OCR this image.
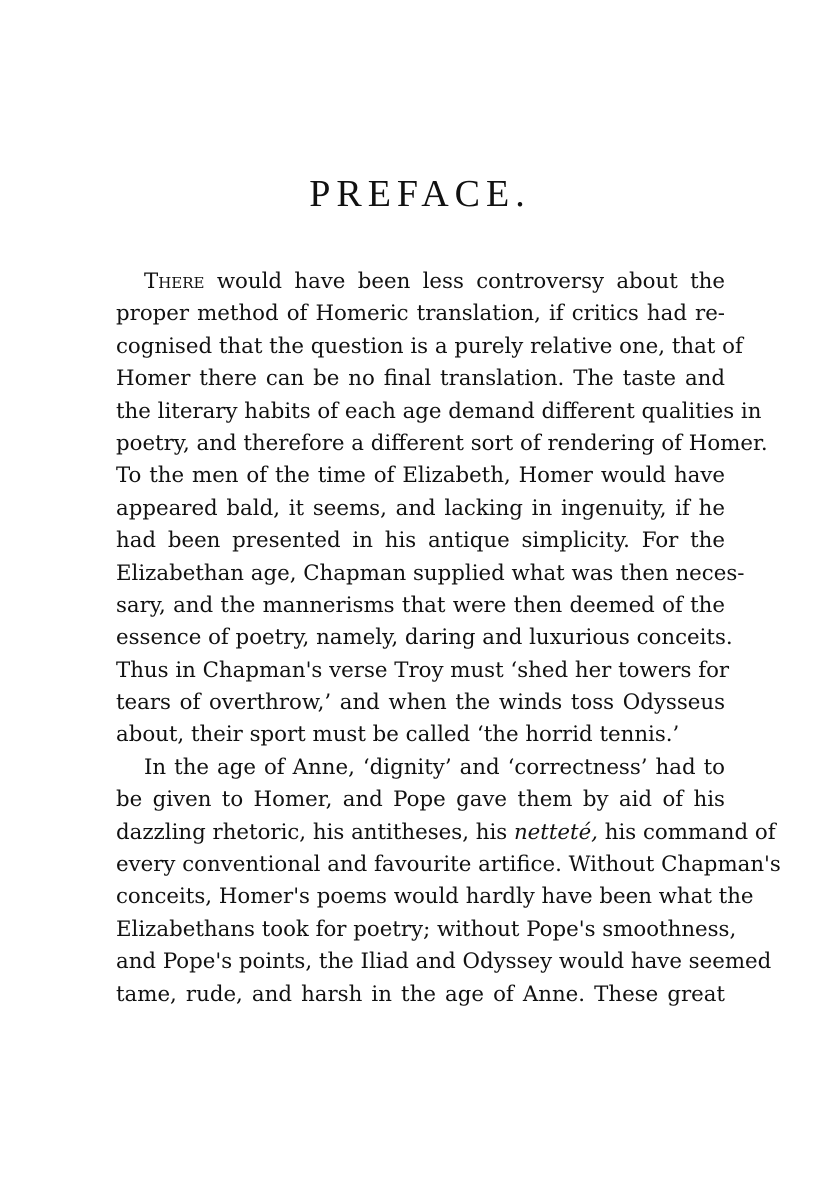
PREFACE.
There would have been less controversy about the
proper method of Homeric translation, if critics had re-
cognised that the question is a purely relative one, that of
Homer there can be no final translation. The taste and
the literary habits of each age demand different qualities in
poetry, and therefore a different sort of rendering of Homer.
To the men of the time of Elizabeth, Homer would have
appeared bald, it seems, and lacking in ingenuity, if he
had been presented in his antique simplicity. For the
Elizabethan age, Chapman supplied what was then neces-
sary, and the mannerisms that were then deemed of the
essence of poetry, namely, daring and luxurious conceits.
Thus in Chapman's verse Troy must ‘shed her towers for
tears of overthrow,’ and when the winds toss Odysseus
about, their sport must be called ‘the horrid tennis.’
In the age of Anne, ‘dignity’ and ‘correctness’ had to
be given to Homer, and Pope gave them by aid of his
dazzling rhetoric, his antitheses, his netteté, his command of
every conventional and favourite artifice. Without Chapman's
conceits, Homer's poems would hardly have been what the
Elizabethans took for poetry; without Pope's smoothness,
and Pope's points, the Iliad and Odyssey would have seemed
tame, rude, and harsh in the age of Anne. These great
